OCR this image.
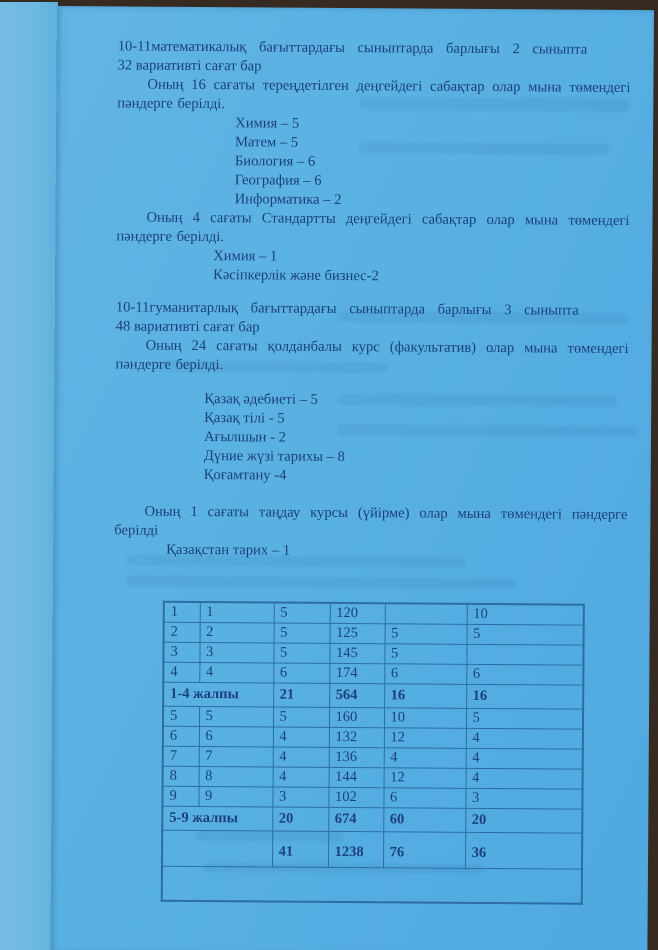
10-11математикалық бағыттардағы сыныптарда барлығы 2 сыныпта
32 вариативті сағат бар
Оның 16 сағаты тереңдетілген деңгейдегі сабақтар олар мына төмендегі пәндерге берілді.
Химия – 5
Матем – 5
Биология – 6
География – 6
Информатика – 2
Оның 4 сағаты Стандартты деңгейдегі сабақтар олар мына төмендегі пәндерге берілді.
Химия – 1
Кәсіпкерлік және бизнес-2
10-11гуманитарлық бағыттардағы сыныптарда барлығы 3 сыныпта
48 вариативті сағат бар
Оның 24 сағаты қолданбалы курс (факультатив) олар мына төмендегі пәндерге берілді.
Қазақ әдебиеті – 5
Қазақ тілі - 5
Ағылшын - 2
Дүние жүзі тарихы – 8
Қоғамтану -4
Оның 1 сағаты таңдау курсы (үйірме) олар мына төмендегі пәндерге берілді
Қазақстан тарих – 1
1	1	5	120		10
2	2	5	125	5	5
3	3	5	145	5	
4	4	6	174	6	6
1-4 жалпы		21	564	16	16
5	5	5	160	10	5
6	6	4	132	12	4
7	7	4	136	4	4
8	8	4	144	12	4
9	9	3	102	6	3
5-9 жалпы		20	674	60	20
		41	1238	76	36
